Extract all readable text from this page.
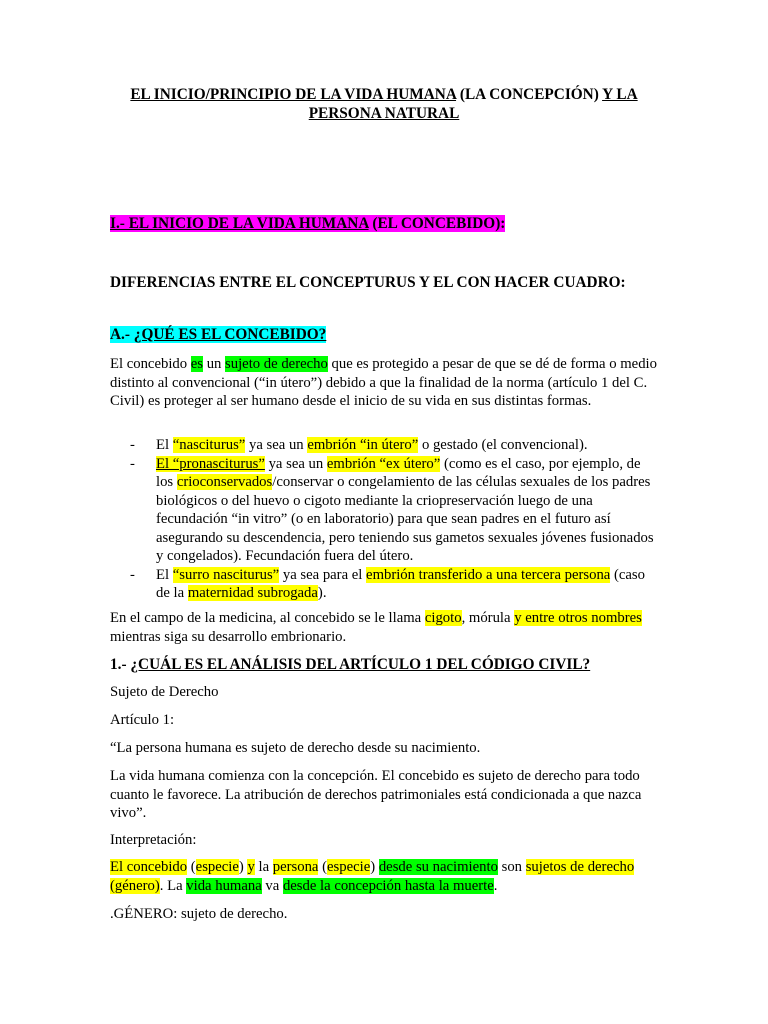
EL INICIO/PRINCIPIO DE LA VIDA HUMANA (LA CONCEPCIÓN) Y LA
PERSONA NATURAL
I.- EL INICIO DE LA VIDA HUMANA (EL CONCEBIDO):
DIFERENCIAS ENTRE EL CONCEPTURUS Y EL CON HACER CUADRO:
A.- ¿QUÉ ES EL CONCEBIDO?
El concebido es un sujeto de derecho que es protegido a pesar de que se dé de forma o medio distinto al convencional (“in útero”) debido a que la finalidad de la norma (artículo 1 del C. Civil) es proteger al ser humano desde el inicio de su vida en sus distintas formas.
- El “nasciturus” ya sea un embrión “in útero” o gestado (el convencional).
- El “pronasciturus” ya sea un embrión “ex útero” (como es el caso, por ejemplo, de los crioconservados/conservar o congelamiento de las células sexuales de los padres biológicos o del huevo o cigoto mediante la criopreservación luego de una fecundación “in vitro” (o en laboratorio) para que sean padres en el futuro así asegurando su descendencia, pero teniendo sus gametos sexuales jóvenes fusionados y congelados). Fecundación fuera del útero.
- El “surro nasciturus” ya sea para el embrión transferido a una tercera persona (caso de la maternidad subrogada).
En el campo de la medicina, al concebido se le llama cigoto, mórula y entre otros nombres mientras siga su desarrollo embrionario.
1.- ¿CUÁL ES EL ANÁLISIS DEL ARTÍCULO 1 DEL CÓDIGO CIVIL?
Sujeto de Derecho
Artículo 1:
“La persona humana es sujeto de derecho desde su nacimiento.
La vida humana comienza con la concepción. El concebido es sujeto de derecho para todo cuanto le favorece. La atribución de derechos patrimoniales está condicionada a que nazca vivo”.
Interpretación:
El concebido (especie) y la persona (especie) desde su nacimiento son sujetos de derecho (género). La vida humana va desde la concepción hasta la muerte.
.GÉNERO: sujeto de derecho.
